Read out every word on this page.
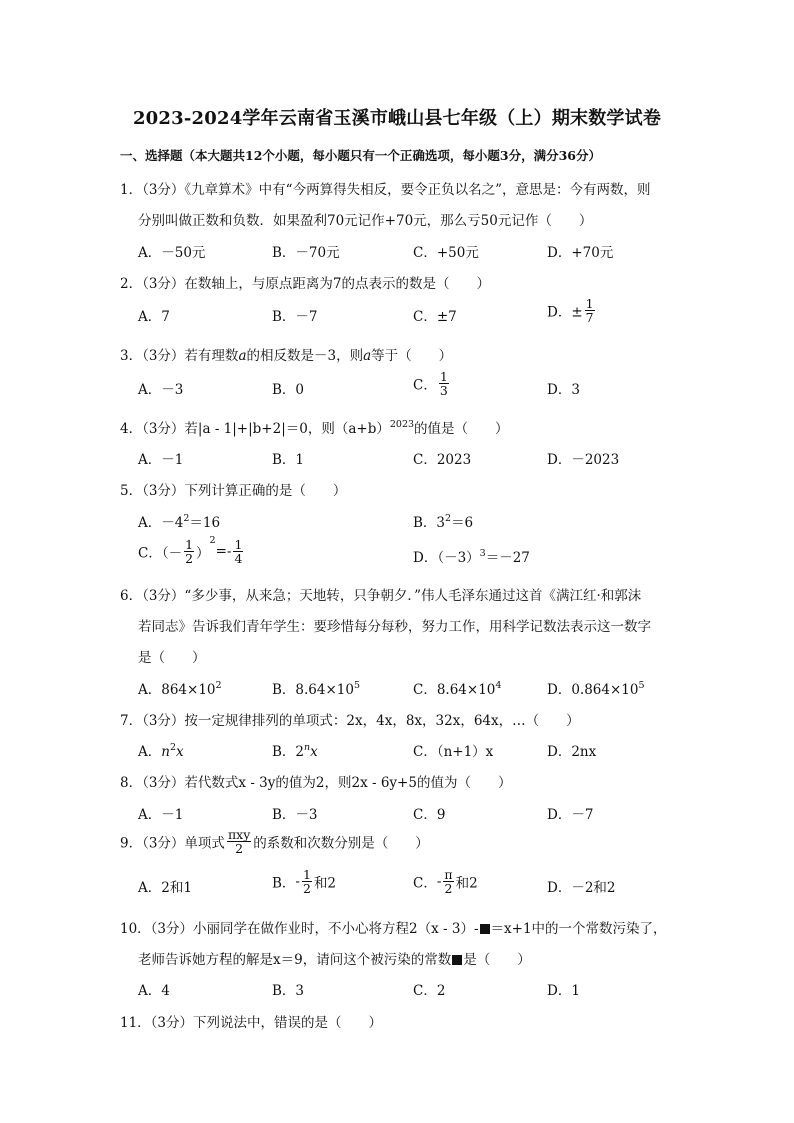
2023-2024学年云南省玉溪市峨山县七年级（上）期末数学试卷
一、选择题（本大题共12个小题，每小题只有一个正确选项，每小题3分，满分36分）
1．（3分）《九章算术》中有“今两算得失相反，要令正负以名之”，意思是：今有两数，则
分别叫做正数和负数．如果盈利70元记作+70元，那么亏50元记作（　　）
A．－50元	B．－70元	C．+50元	D．+70元
2．（3分）在数轴上，与原点距离为7的点表示的数是（　　）
A．7	B．－7	C．±7	D．± $\frac{1}{7}$
3．（3分）若有理数a的相反数是－3，则a等于（　　）
A．－3	B．0	C． $\frac{1}{3}$	D．3
4．（3分）若|a - 1|+|b+2|＝0，则$(a+b)^{2023}$的值是（　　）
A．－1	B．1	C．2023	D．－2023
5．（3分）下列计算正确的是（　　）
A．$-4^2=16$	B．$3^2=6$
C．（－ $\frac{1}{2} )^2=- \frac{1}{4}$	D．$(-3)^3=-27$
6．（3分）“多少事，从来急；天地转，只争朝夕．”伟人毛泽东通过这首《满江红·和郭沫
若同志》告诉我们青年学生：要珍惜每分每秒，努力工作，用科学记数法表示这一数字
是（　　）
A．$864\times 10^2$	B．$8.64\times 10^5$	C．$8.64\times 10^4$	D．$0.864\times 10^5$
7．（3分）按一定规律排列的单项式：2x，4x，8x，32x，64x，…（　　）
A．$n^2x$	B．2$^n$x	C．（n+1）x	D．2nx
8．（3分）若代数式x - 3y的值为2，则2x - 6y+5的值为（　　）
A．－1	B．－3	C．9	D．－7
9．（3分）单项式 $\frac{\text{πxy}}{2}$ 的系数和次数分别是（　　）
A．2和1	B．- $\frac{1}{2}$ 和2	C．- $\frac{\pi}{2}$ 和2	D．－2和2
10．（3分）小丽同学在做作业时，不小心将方程2（x - 3）- ＝x+1中的一个常数污染了，
老师告诉她方程的解是x＝9，请问这个被污染的常数 是（　　）
A．4	B．3	C．2	D．1
11．（3分）下列说法中，错误的是（　　）
